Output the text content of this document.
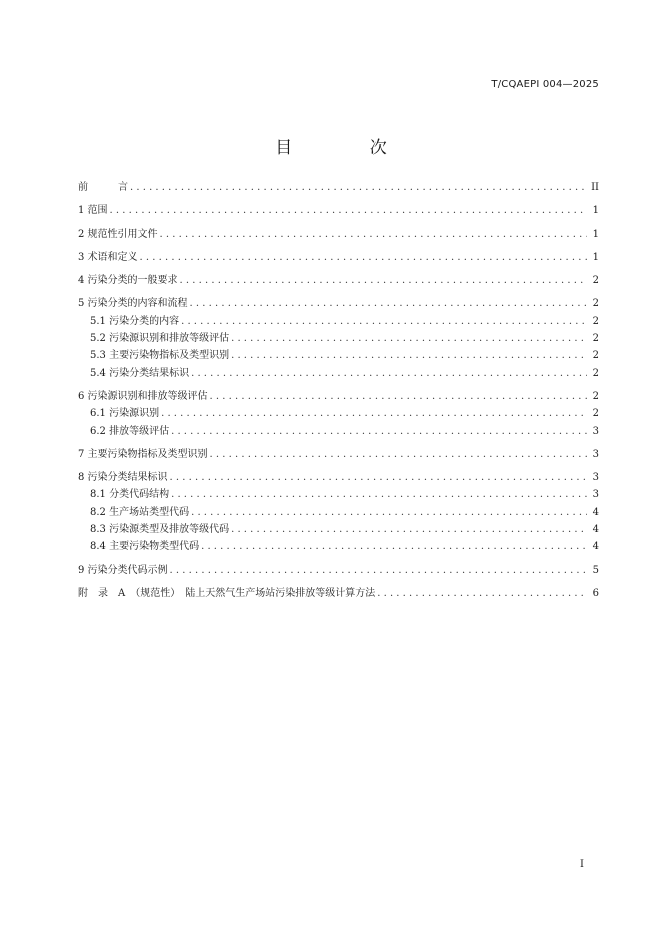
T/CQAEPI 004—2025
目 次
前　　　言 . . .	II
1 范围 . . .	1
2 规范性引用文件 . . .	1
3 术语和定义 . . .	1
4 污染分类的一般要求 . . .	2
5 污染分类的内容和流程 . . .	2
5.1 污染分类的内容 . . .	2
5.2 污染源识别和排放等级评估 . . .	2
5.3 主要污染物指标及类型识别 . . .	2
5.4 污染分类结果标识 . . .	2
6 污染源识别和排放等级评估 . . .	2
6.1 污染源识别 . . .	2
6.2 排放等级评估 . . .	3
7 主要污染物指标及类型识别 . . .	3
8 污染分类结果标识 . . .	3
8.1 分类代码结构 . . .	3
8.2 生产场站类型代码 . . .	4
8.3 污染源类型及排放等级代码 . . .	4
8.4 主要污染物类型代码 . . .	4
9 污染分类代码示例 . . .	5
附　录　A　（规范性）　陆上天然气生产场站污染排放等级计算方法 . . .	6
I
